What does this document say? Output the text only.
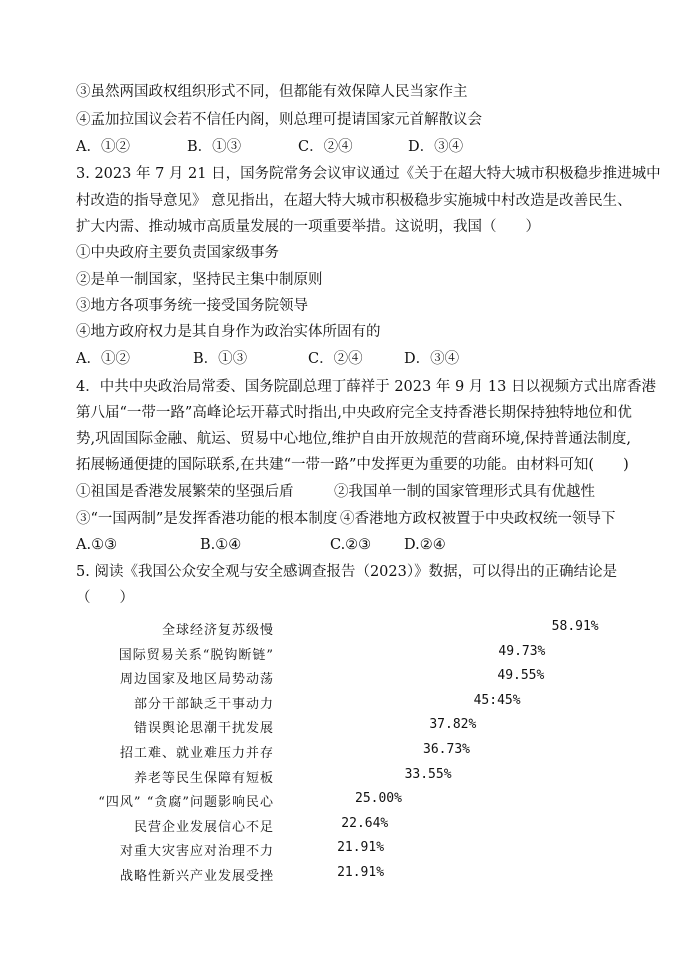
③虽然两国政权组织形式不同，但都能有效保障人民当家作主
④孟加拉国议会若不信任内阁，则总理可提请国家元首解散议会
A．①②	B．①③	C．②④	D．③④
3. 2023 年 7 月 21 日，国务院常务会议审议通过《关于在超大特大城市积极稳步推进城中
村改造的指导意见》 意见指出，在超大特大城市积极稳步实施城中村改造是改善民生、
扩大内需、推动城市高质量发展的一项重要举措。这说明，我国（　　）
①中央政府主要负责国家级事务
②是单一制国家，坚持民主集中制原则
③地方各项事务统一接受国务院领导
④地方政府权力是其自身作为政治实体所固有的
A．①②	B．①③	C．②④	D．③④
4．中共中央政治局常委、国务院副总理丁薛祥于 2023 年 9 月 13 日以视频方式出席香港
第八届“一带一路”高峰论坛开幕式时指出,中央政府完全支持香港长期保持独特地位和优
势,巩固国际金融、航运、贸易中心地位,维护自由开放规范的营商环境,保持普通法制度,
拓展畅通便捷的国际联系,在共建“一带一路”中发挥更为重要的功能。由材料可知(　　)
①祖国是香港发展繁荣的坚强后盾	②我国单一制的国家管理形式具有优越性
③“一国两制”是发挥香港功能的根本制度 ④香港地方政权被置于中央政权统一领导下
A.①③	B.①④	C.②③ D.②④
5. 阅读《我国公众安全观与安全感调查报告（2023）》数据，可以得出的正确结论是
（　　）
全球经济复苏级慢	58.91%
国际贸易关系“脱钩断链”	49.73%
周边国家及地区局势动荡	49.55%
部分干部缺乏干事动力	45:45%
错误舆论思潮干扰发展	37.82%
招工难、就业难压力并存	36.73%
养老等民生保障有短板	33.55%
“四风” “贪腐”问题影响民心	25.00%
民营企业发展信心不足	22.64%
对重大灾害应对治理不力	21.91%
战略性新兴产业发展受挫	21.91%
